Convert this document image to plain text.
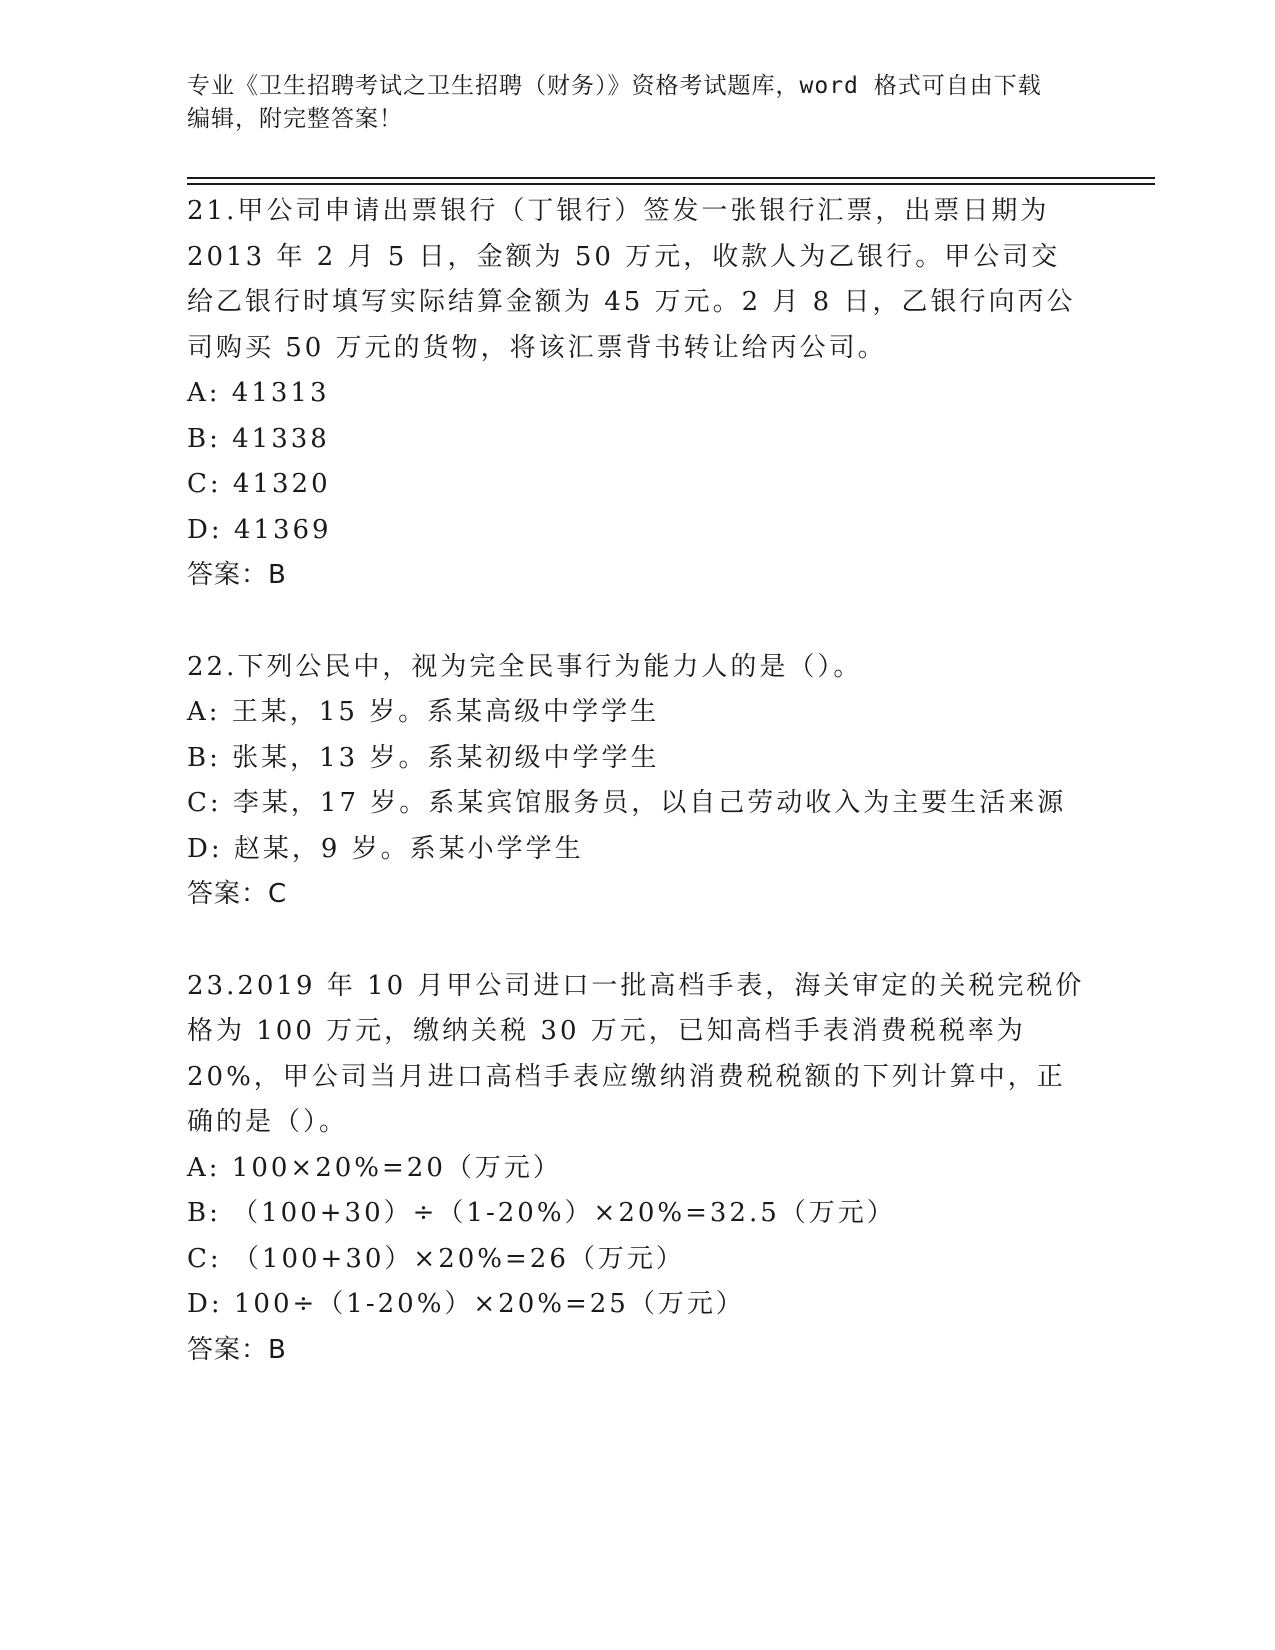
专业《卫生招聘考试之卫生招聘（财务）》资格考试题库，word 格式可自由下载
编辑，附完整答案！
21.甲公司申请出票银行（丁银行）签发一张银行汇票，出票日期为 2013 年 2 月 5 日，金额为 50 万元，收款人为乙银行。甲公司交给乙银行时填写实际结算金额为 45 万元。2 月 8 日，乙银行向丙公司购买 50 万元的货物，将该汇票背书转让给丙公司。
A: 41313
B: 41338
C: 41320
D: 41369
答案：B
22.下列公民中，视为完全民事行为能力人的是（）。
A: 王某，15 岁。系某高级中学学生
B: 张某，13 岁。系某初级中学学生
C: 李某，17 岁。系某宾馆服务员，以自己劳动收入为主要生活来源
D: 赵某，9 岁。系某小学学生
答案：C
23.2019 年 10 月甲公司进口一批高档手表，海关审定的关税完税价格为 100 万元，缴纳关税 30 万元，已知高档手表消费税税率为 20%，甲公司当月进口高档手表应缴纳消费税税额的下列计算中，正确的是（）。
A: 100×20%=20（万元）
B: （100+30）÷（1-20%）×20%=32.5（万元）
C: （100+30）×20%=26（万元）
D: 100÷（1-20%）×20%=25（万元）
答案：B
